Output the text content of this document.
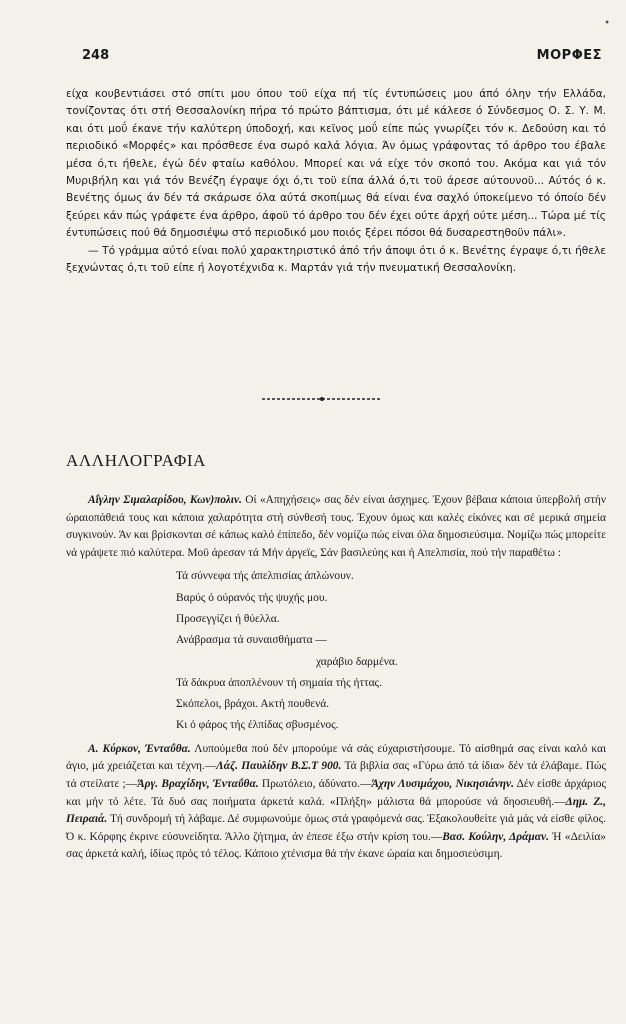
•
248	ΜΟΡΦΕΣ

είχα κουβεντιάσει στό σπίτι μου όπου τοϋ είχα πή τίς έντυπώσεις μου άπό όλην τήν Ελλάδα, τονίζοντας ότι στή Θεσσαλονίκη πήρα τό πρώτο βάπτισμα, ότι μέ κάλεσε ό Σύνδεσμος Ο. Σ. Υ. Μ. και ότι μοΰ έκανε τήν καλύτερη ύποδοχή, και κεϊνος μοΰ είπε πώς γνωρίζει τόν κ. Δεδούση και τό περιοδικό «Μορφές» και πρόσθεσε ένα σωρό καλά λόγια. Άν όμως γράφοντας τό άρθρο του έβαλε μέσα ό,τι ήθελε, έγώ δέν φταίω καθόλου. Μπορεί και νά είχε τόν σκοπό του. Ακόμα και γιά τόν Μυριβήλη και γιά τόν Βενέζη έγραψε όχι ό,τι τοϋ είπα άλλά ό,τι τοϋ άρεσε αύτουνοϋ... Αύτός ό κ. Βενέτης όμως άν δέν τά σκάρωσε όλα αύτά σκοπίμως θά είναι ένα σαχλό ύποκείμενο τό όποίο δέν ξεύρει κάν πώς γράφετε ένα άρθρο, άφοϋ τό άρθρο του δέν έχει ούτε άρχή ούτε μέση... Τώρα μέ τίς έντυπώσεις πού θά δημοσιέψω στό περιοδικό μου ποιός ξέρει πόσοι θά δυσαρεστηθοϋν πάλι».

— Τό γράμμα αύτό είναι πολύ χαρακτηριστικό άπό τήν άποψι ότι ό κ. Βενέτης έγραψε ό,τι ήθελε ξεχνώντας ό,τι τοϋ είπε ή λογοτέχνιδα κ. Μαρτάν γιά τήν πνευματική Θεσσαλονίκη.

ΑΛΛΗΛΟΓΡΑΦΙΑ

Αΐγλην Σιμαλαρίδου, Κων)πολιν. Οί «Απηχήσεις» σας δέν είναι άσχημες. Έχουν βέβαια κάποια ύπερβολή στήν ώραιοπάθειά τους και κάποια χαλαρότητα στή σύνθεσή τους. Έχουν όμως και καλές είκόνες και σέ μερικά σημεία συγκινούν. Άν και βρίσκονται σέ κάπως καλό έπίπεδο, δέν νομίζω πώς είναι όλα δημοσιεύσιμα. Νομίζω πώς μπορείτε νά γράψετε πιό καλύτερα. Μοϋ άρεσαν τά Μήν άργεϊς, Σάν βασιλεύης και ή Απελπισία, πού τήν παραθέτω :

Τά σύννεφα τής άπελπισίας άπλώνουν.
Βαρύς ό ούρανός τής ψυχής μου.
Προσεγγίζει ή θύελλα.
Ανάβρασμα τά συναισθήματα —
χαράβιο δαρμένα.
Τά δάκρυα άποπλένουν τή σημαία τής ήττας.
Σκόπελοι, βράχοι. Ακτή πουθενά.
Κι ό φάρος τής έλπίδας σβυσμένος.

Α. Κύρκον, Ένταΰθα. Λυπούμεθα πού δέν μπορούμε νά σάς εύχαριστήσουμε. Τό αίσθημά σας είναι καλό και άγιο, μά χρειάζεται και τέχνη.—Λάζ. Παυλίδην Β.Σ.Τ 900. Τά βιβλία σας «Γύρω άπό τά ίδια» δέν τά έλάβαμε. Πώς τά στείλατε ;—Άργ. Βραχίδην, Ένταΰθα. Πρωτόλειο, άδύνατο.—Άχην Λυσιμάχου, Νικησιάνην. Δέν είσθε άρχάριος και μήν τό λέτε. Τά δυό σας ποιήματα άρκετά καλά. «Πλήξη» μάλιστα θά μπορούσε νά δηοσιευθή.—Δημ. Ζ., Πειραιά. Τή συνδρομή τή λάβαμε. Δέ συμφωνούμε όμως στά γραφόμενά σας. Έξακολουθείτε γιά μάς νά είσθε φίλος. Ό κ. Κόρφης έκρινε εύσυνείδητα. Άλλο ζήτημα, άν έπεσε έξω στήν κρίση του.—Βασ. Κούλην, Δράμαν. Ή «Δειλία» σας άρκετά καλή, ίδίως πρός τό τέλος. Κάποιο χτένισμα θά τήν έκανε ώραία και δημοσιεύσιμη.
